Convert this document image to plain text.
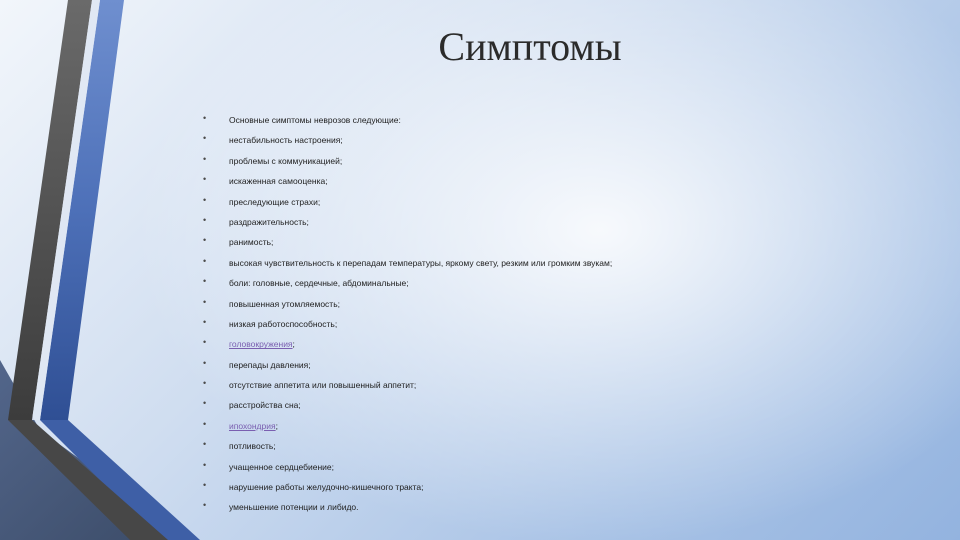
Симптомы
•	Основные симптомы неврозов следующие:
•	нестабильность настроения;
•	проблемы с коммуникацией;
•	искаженная самооценка;
•	преследующие страхи;
•	раздражительность;
•	ранимость;
•	высокая чувствительность к перепадам температуры, яркому свету, резким или громким звукам;
•	боли: головные, сердечные, абдоминальные;
•	повышенная утомляемость;
•	низкая работоспособность;
•	головокружения;
•	перепады давления;
•	отсутствие аппетита или повышенный аппетит;
•	расстройства сна;
•	ипохондрия;
•	потливость;
•	учащенное сердцебиение;
•	нарушение работы желудочно-кишечного тракта;
•	уменьшение потенции и либидо.
